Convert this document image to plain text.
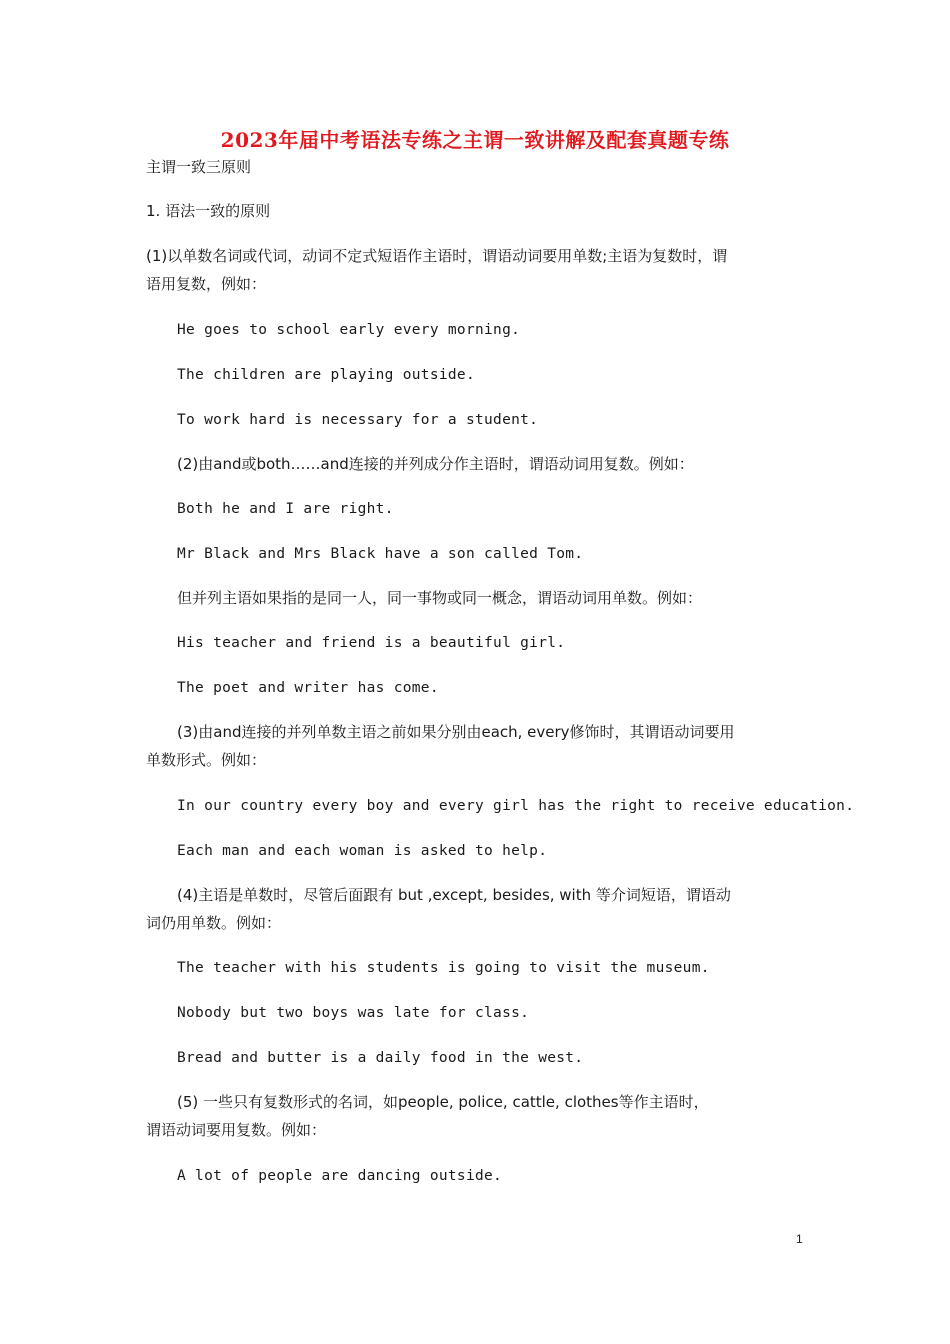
2023年届中考语法专练之主谓一致讲解及配套真题专练
主谓一致三原则
1. 语法一致的原则
(1)以单数名词或代词，动词不定式短语作主语时，谓语动词要用单数;主语为复数时，谓
语用复数，例如：
He goes to school early every morning.
The children are playing outside.
To work hard is necessary for a student.
(2)由and或both……and连接的并列成分作主语时，谓语动词用复数。例如：
Both he and I are right.
Mr Black and Mrs Black have a son called Tom.
但并列主语如果指的是同一人，同一事物或同一概念，谓语动词用单数。例如：
His teacher and friend is a beautiful girl.
The poet and writer has come.
(3)由and连接的并列单数主语之前如果分别由each, every修饰时，其谓语动词要用
单数形式。例如：
In our country every boy and every girl has the right to receive education.
Each man and each woman is asked to help.
(4)主语是单数时，尽管后面跟有 but ,except, besides, with 等介词短语，谓语动
词仍用单数。例如：
The teacher with his students is going to visit the museum.
Nobody but two boys was late for class.
Bread and butter is a daily food in the west.
(5) 一些只有复数形式的名词，如people, police, cattle, clothes等作主语时，
谓语动词要用复数。例如：
A lot of people are dancing outside.
1
